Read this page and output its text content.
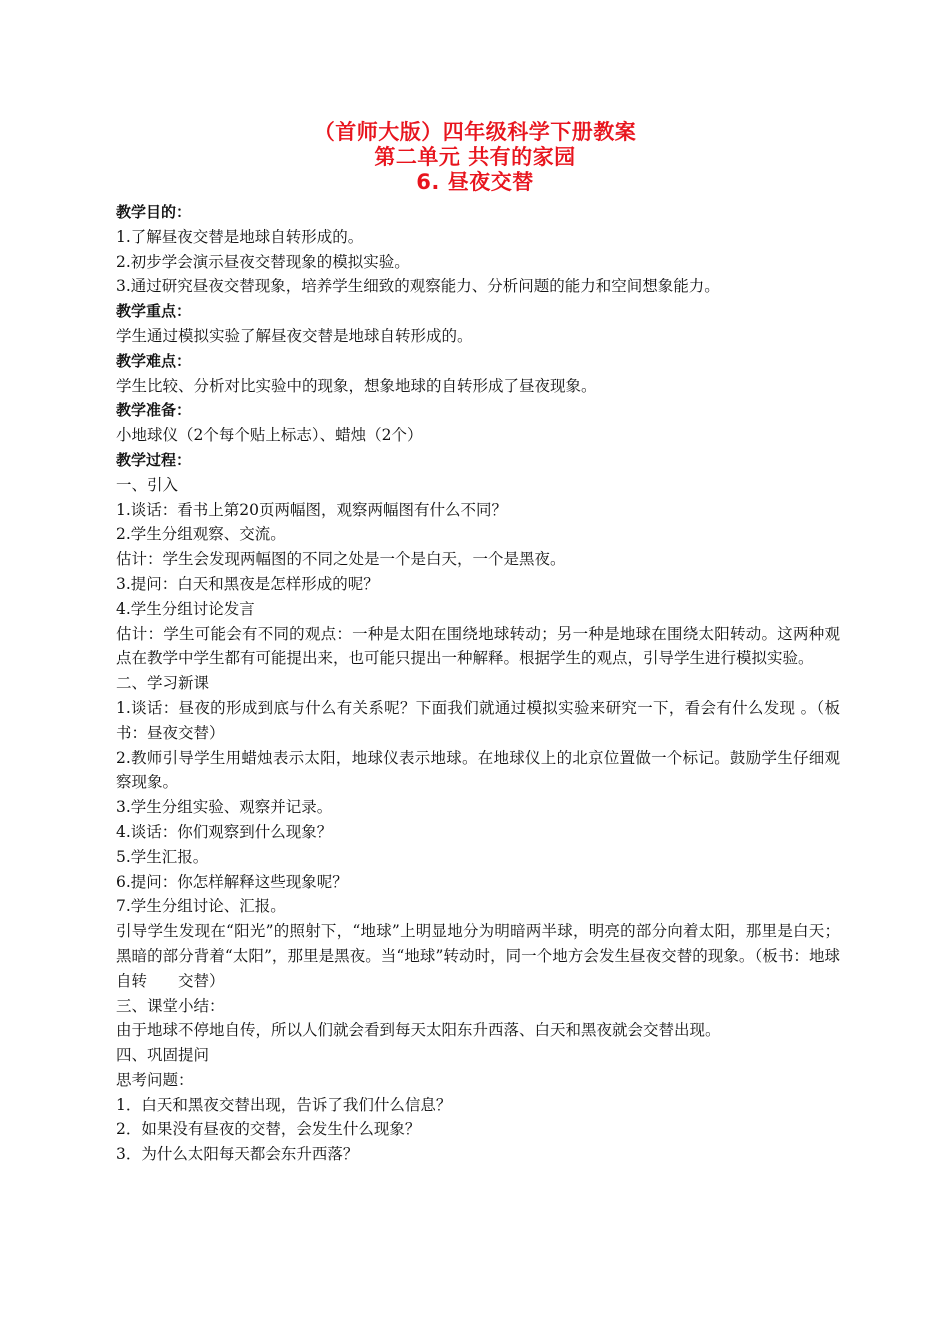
（首师大版）四年级科学下册教案
第二单元 共有的家园
6. 昼夜交替
教学目的：
1.了解昼夜交替是地球自转形成的。
2.初步学会演示昼夜交替现象的模拟实验。
3.通过研究昼夜交替现象，培养学生细致的观察能力、分析问题的能力和空间想象能力。
教学重点：
学生通过模拟实验了解昼夜交替是地球自转形成的。
教学难点：
学生比较、分析对比实验中的现象，想象地球的自转形成了昼夜现象。
教学准备：
小地球仪（2个每个贴上标志）、蜡烛（2个）
教学过程：
一、引入
1.谈话：看书上第20页两幅图，观察两幅图有什么不同？
2.学生分组观察、交流。
估计：学生会发现两幅图的不同之处是一个是白天，一个是黑夜。
3.提问：白天和黑夜是怎样形成的呢？
4.学生分组讨论发言
估计：学生可能会有不同的观点：一种是太阳在围绕地球转动；另一种是地球在围绕太阳转动。这两种观点在教学中学生都有可能提出来，也可能只提出一种解释。根据学生的观点，引导学生进行模拟实验。
二、学习新课
1.谈话：昼夜的形成到底与什么有关系呢？下面我们就通过模拟实验来研究一下，看会有什么发现 。（板书：昼夜交替）
2.教师引导学生用蜡烛表示太阳，地球仪表示地球。在地球仪上的北京位置做一个标记。鼓励学生仔细观察现象。
3.学生分组实验、观察并记录。
4.谈话：你们观察到什么现象？
5.学生汇报。
6.提问：你怎样解释这些现象呢？
7.学生分组讨论、汇报。
引导学生发现在“阳光”的照射下，“地球”上明显地分为明暗两半球，明亮的部分向着太阳，那里是白天；黑暗的部分背着“太阳”，那里是黑夜。当“地球”转动时，同一个地方会发生昼夜交替的现象。（板书：地球自转　　交替）
三、课堂小结：
由于地球不停地自传，所以人们就会看到每天太阳东升西落、白天和黑夜就会交替出现。
四、巩固提问
思考问题：
1．白天和黑夜交替出现，告诉了我们什么信息？
2．如果没有昼夜的交替，会发生什么现象？
3．为什么太阳每天都会东升西落？
